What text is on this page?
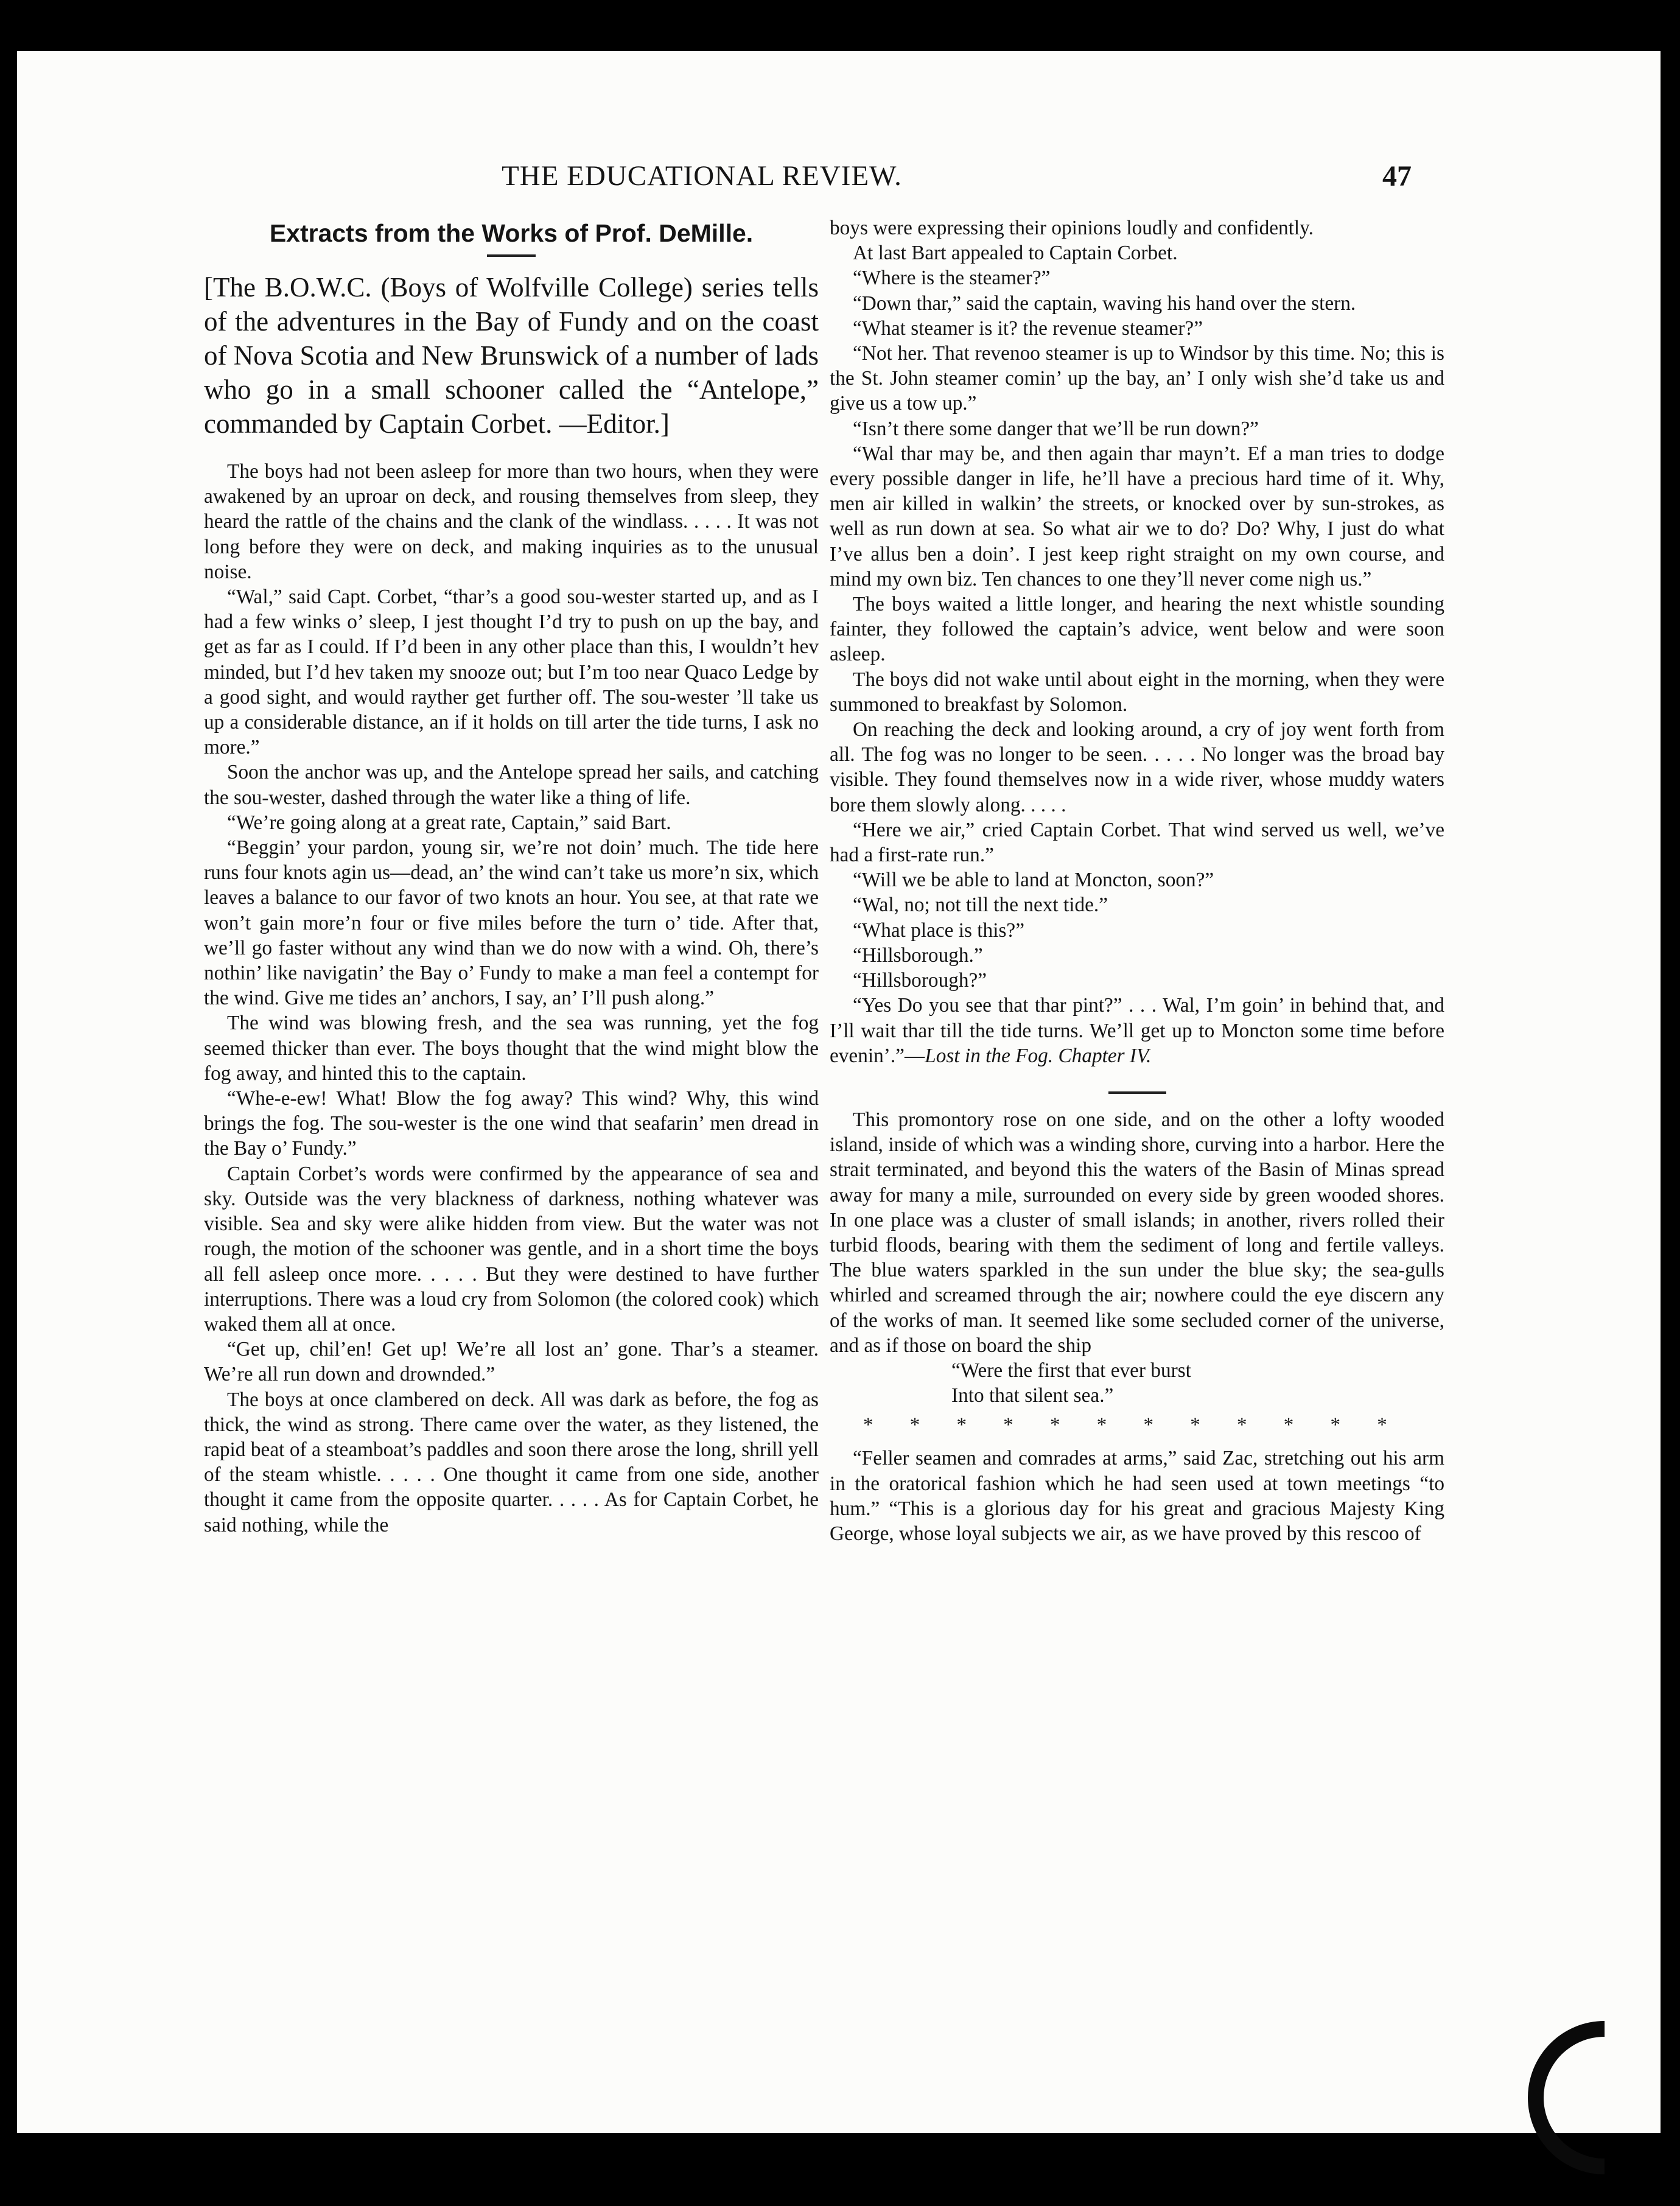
THE EDUCATIONAL REVIEW.	47
Extracts from the Works of Prof. DeMille.

[The B.O.W.C. (Boys of Wolfville College) series tells of the adventures in the Bay of Fundy and on the coast of Nova Scotia and New Brunswick of a number of lads who go in a small schooner called the “Antelope,” commanded by Captain Corbet. —Editor.]

The boys had not been asleep for more than two hours, when they were awakened by an uproar on deck, and rousing themselves from sleep, they heard the rattle of the chains and the clank of the windlass. . . . . It was not long before they were on deck, and making inquiries as to the unusual noise.

“Wal,” said Capt. Corbet, “thar’s a good sou-wester started up, and as I had a few winks o’ sleep, I jest thought I’d try to push on up the bay, and get as far as I could. If I’d been in any other place than this, I wouldn’t hev minded, but I’d hev taken my snooze out; but I’m too near Quaco Ledge by a good sight, and would rayther get further off. The sou-wester ’ll take us up a considerable distance, an if it holds on till arter the tide turns, I ask no more.”

Soon the anchor was up, and the Antelope spread her sails, and catching the sou-wester, dashed through the water like a thing of life.

“We’re going along at a great rate, Captain,” said Bart.

“Beggin’ your pardon, young sir, we’re not doin’ much. The tide here runs four knots agin us—dead, an’ the wind can’t take us more’n six, which leaves a balance to our favor of two knots an hour. You see, at that rate we won’t gain more’n four or five miles before the turn o’ tide. After that, we’ll go faster without any wind than we do now with a wind. Oh, there’s nothin’ like navigatin’ the Bay o’ Fundy to make a man feel a contempt for the wind. Give me tides an’ anchors, I say, an’ I’ll push along.”

The wind was blowing fresh, and the sea was running, yet the fog seemed thicker than ever. The boys thought that the wind might blow the fog away, and hinted this to the captain.

“Whe-e-ew! What! Blow the fog away? This wind? Why, this wind brings the fog. The sou-wester is the one wind that seafarin’ men dread in the Bay o’ Fundy.”

Captain Corbet’s words were confirmed by the appearance of sea and sky. Outside was the very blackness of darkness, nothing whatever was visible. Sea and sky were alike hidden from view. But the water was not rough, the motion of the schooner was gentle, and in a short time the boys all fell asleep once more. . . . . But they were destined to have further interruptions. There was a loud cry from Solomon (the colored cook) which waked them all at once.

“Get up, chil’en! Get up! We’re all lost an’ gone. Thar’s a steamer. We’re all run down and drownded.”

The boys at once clambered on deck. All was dark as before, the fog as thick, the wind as strong. There came over the water, as they listened, the rapid beat of a steamboat’s paddles and soon there arose the long, shrill yell of the steam whistle. . . . . One thought it came from one side, another thought it came from the opposite quarter. . . . . As for Captain Corbet, he said nothing, while the

boys were expressing their opinions loudly and confidently.

At last Bart appealed to Captain Corbet.

“Where is the steamer?”

“Down thar,” said the captain, waving his hand over the stern.

“What steamer is it? the revenue steamer?”

“Not her. That revenoo steamer is up to Windsor by this time. No; this is the St. John steamer comin’ up the bay, an’ I only wish she’d take us and give us a tow up.”

“Isn’t there some danger that we’ll be run down?”

“Wal thar may be, and then again thar mayn’t. Ef a man tries to dodge every possible danger in life, he’ll have a precious hard time of it. Why, men air killed in walkin’ the streets, or knocked over by sun-strokes, as well as run down at sea. So what air we to do? Do? Why, I just do what I’ve allus ben a doin’. I jest keep right straight on my own course, and mind my own biz. Ten chances to one they’ll never come nigh us.”

The boys waited a little longer, and hearing the next whistle sounding fainter, they followed the captain’s advice, went below and were soon asleep.

The boys did not wake until about eight in the morning, when they were summoned to breakfast by Solomon.

On reaching the deck and looking around, a cry of joy went forth from all. The fog was no longer to be seen. . . . . No longer was the broad bay visible. They found themselves now in a wide river, whose muddy waters bore them slowly along. . . . .

“Here we air,” cried Captain Corbet. That wind served us well, we’ve had a first-rate run.”

“Will we be able to land at Moncton, soon?”

“Wal, no; not till the next tide.”

“What place is this?”

“Hillsborough.”

“Hillsborough?”

“Yes Do you see that thar pint?” . . . Wal, I’m goin’ in behind that, and I’ll wait thar till the tide turns. We’ll get up to Moncton some time before evenin’.”—Lost in the Fog. Chapter IV.

This promontory rose on one side, and on the other a lofty wooded island, inside of which was a winding shore, curving into a harbor. Here the strait terminated, and beyond this the waters of the Basin of Minas spread away for many a mile, surrounded on every side by green wooded shores. In one place was a cluster of small islands; in another, rivers rolled their turbid floods, bearing with them the sediment of long and fertile valleys. The blue waters sparkled in the sun under the blue sky; the sea-gulls whirled and screamed through the air; nowhere could the eye discern any of the works of man. It seemed like some secluded corner of the universe, and as if those on board the ship

“Were the first that ever burst

Into that silent sea.”

* * * * * * * * * * * *

“Feller seamen and comrades at arms,” said Zac, stretching out his arm in the oratorical fashion which he had seen used at town meetings “to hum.” “This is a glorious day for his great and gracious Majesty King George, whose loyal subjects we air, as we have proved by this rescoo of
